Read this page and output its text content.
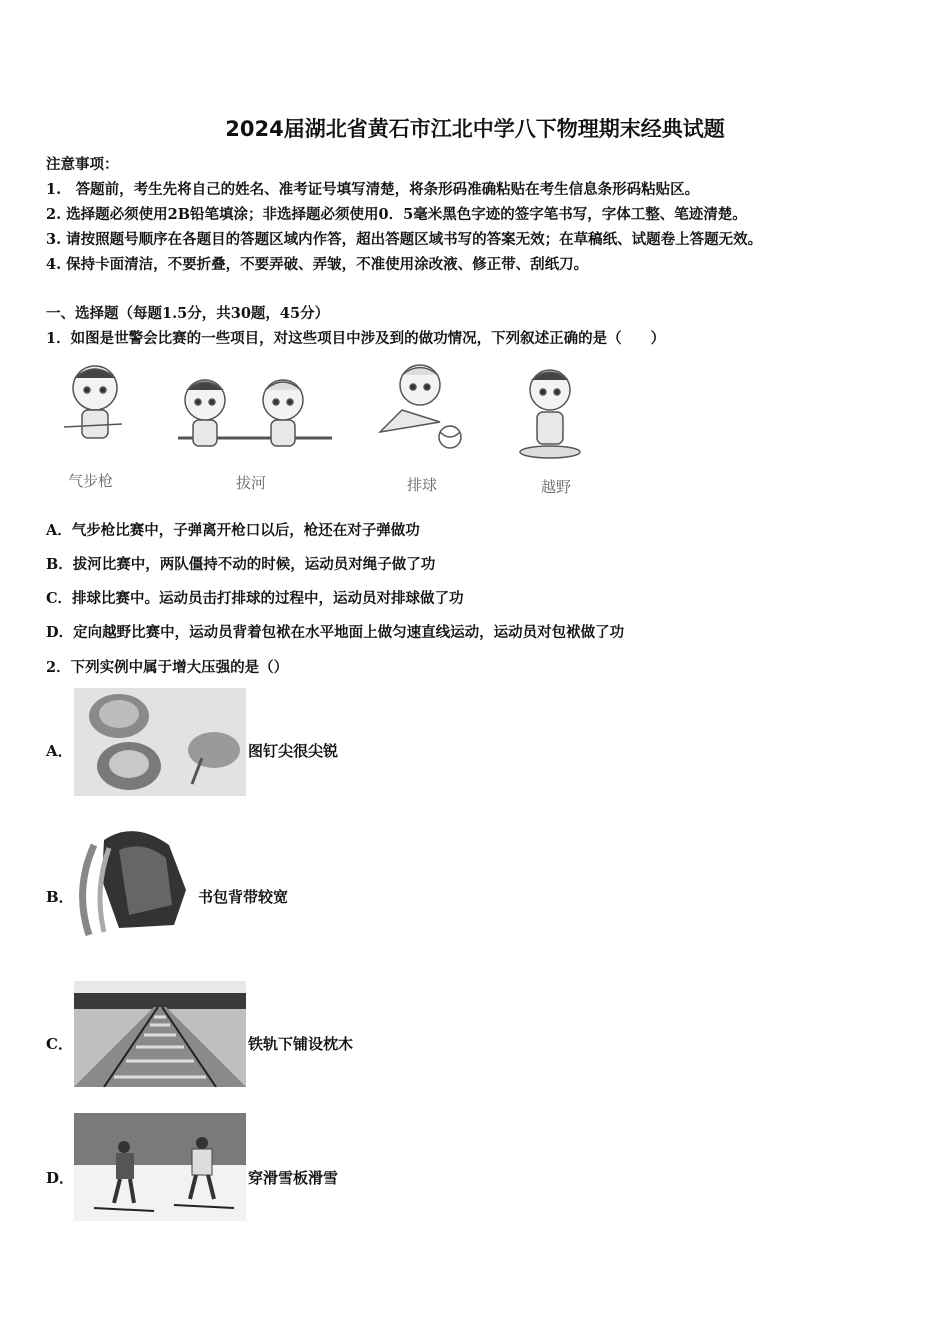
2024届湖北省黄石市江北中学八下物理期末经典试题
注意事项：
1.　答题前，考生先将自己的姓名、准考证号填写清楚，将条形码准确粘贴在考生信息条形码粘贴区。
2. 选择题必须使用2B铅笔填涂；非选择题必须使用0．5毫米黑色字迹的签字笔书写，字体工整、笔迹清楚。
3. 请按照题号顺序在各题目的答题区域内作答，超出答题区域书写的答案无效；在草稿纸、试题卷上答题无效。
4. 保持卡面清洁，不要折叠，不要弄破、弄皱，不准使用涂改液、修正带、刮纸刀。
一、选择题（每题1.5分，共30题，45分）
1．如图是世警会比赛的一些项目，对这些项目中涉及到的做功情况，下列叙述正确的是（　　）
气步枪	拔河	排球	越野
A．气步枪比赛中，子弹离开枪口以后，枪还在对子弹做功
B．拔河比赛中，两队僵持不动的时候，运动员对绳子做了功
C．排球比赛中。运动员击打排球的过程中，运动员对排球做了功
D．定向越野比赛中，运动员背着包袱在水平地面上做匀速直线运动，运动员对包袱做了功
2．下列实例中属于增大压强的是（）
A．	图钉尖很尖锐
B．	书包背带较宽
C．	铁轨下铺设枕木
D．	穿滑雪板滑雪
